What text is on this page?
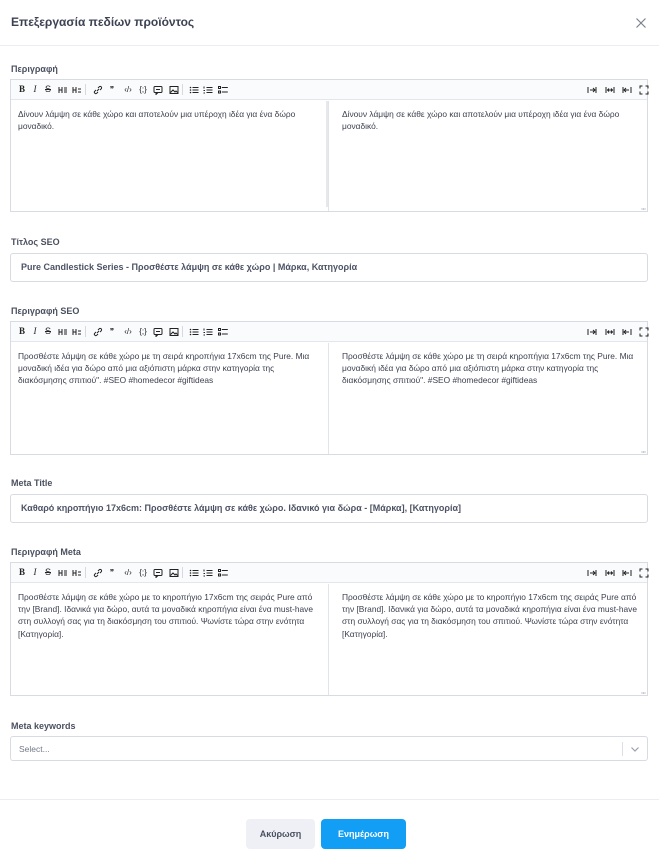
Επεξεργασία πεδίων προϊόντος
Περιγραφή
B I S	❞	‹/› {;}
Δίνουν λάμψη σε κάθε χώρο και αποτελούν μια υπέροχη ιδέα για ένα δώρο μοναδικό.
Δίνουν λάμψη σε κάθε χώρο και αποτελούν μια υπέροχη ιδέα για ένα δώρο μοναδικό.
Τίτλος SEO
Pure Candlestick Series - Προσθέστε λάμψη σε κάθε χώρο | Μάρκα, Κατηγορία
Περιγραφή SEO
B I S	❞	‹/› {;}
Προσθέστε λάμψη σε κάθε χώρο με τη σειρά κηροπήγια 17x6cm της Pure. Μια μοναδική ιδέα για δώρο από μια αξιόπιστη μάρκα στην κατηγορία της διακόσμησης σπιτιού". #SEO #homedecor #giftideas
Προσθέστε λάμψη σε κάθε χώρο με τη σειρά κηροπήγια 17x6cm της Pure. Μια μοναδική ιδέα για δώρο από μια αξιόπιστη μάρκα στην κατηγορία της διακόσμησης σπιτιού". #SEO #homedecor #giftideas
Meta Title
Καθαρό κηροπήγιο 17x6cm: Προσθέστε λάμψη σε κάθε χώρο. Ιδανικό για δώρα - [Μάρκα], [Κατηγορία]
Περιγραφή Meta
B I S	❞	‹/› {;}
Προσθέστε λάμψη σε κάθε χώρο με το κηροπήγιο 17x6cm της σειράς Pure από την [Brand]. Ιδανικά για δώρο, αυτά τα μοναδικά κηροπήγια είναι ένα must-have στη συλλογή σας για τη διακόσμηση του σπιτιού. Ψωνίστε τώρα στην ενότητα [Κατηγορία].
Προσθέστε λάμψη σε κάθε χώρο με το κηροπήγιο 17x6cm της σειράς Pure από την [Brand]. Ιδανικά για δώρο, αυτά τα μοναδικά κηροπήγια είναι ένα must-have στη συλλογή σας για τη διακόσμηση του σπιτιού. Ψωνίστε τώρα στην ενότητα [Κατηγορία].
Meta keywords
Select...
Ακύρωση	Ενημέρωση
